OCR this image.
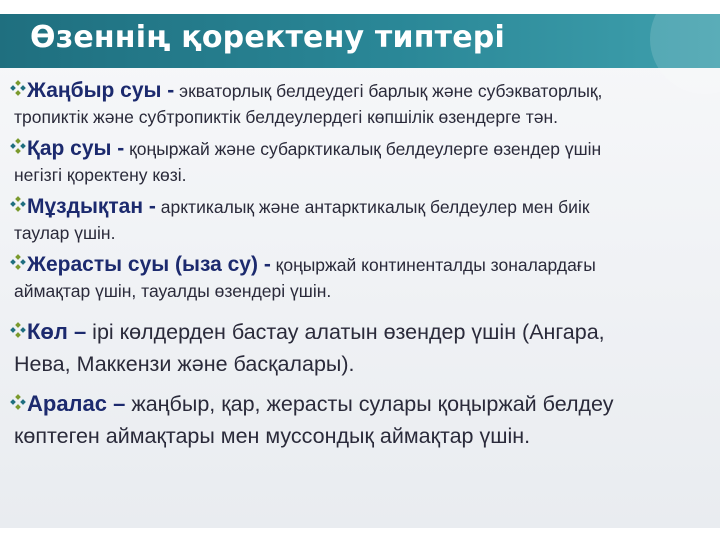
Өзеннің қоректену типтері
Жаңбыр суы - экваторлық белдеудегі барлық және субэкваторлық,
тропиктік және субтропиктік белдеулердегі көпшілік өзендерге тән.
Қар суы - қоңыржай және субарктикалық белдеулерге өзендер үшін
негізгі қоректену көзі.
Мұздықтан - арктикалық және антарктикалық белдеулер мен биік
таулар үшін.
Жерасты суы (ыза су) - қоңыржай континенталды зоналардағы
аймақтар үшін, тауалды өзендері үшін.
Көл – ірі көлдерден бастау алатын өзендер үшін (Ангара,
Нева, Маккензи және басқалары).
Аралас – жаңбыр, қар, жерасты сулары қоңыржай белдеу
көптеген аймақтары мен муссондық аймақтар үшін.
